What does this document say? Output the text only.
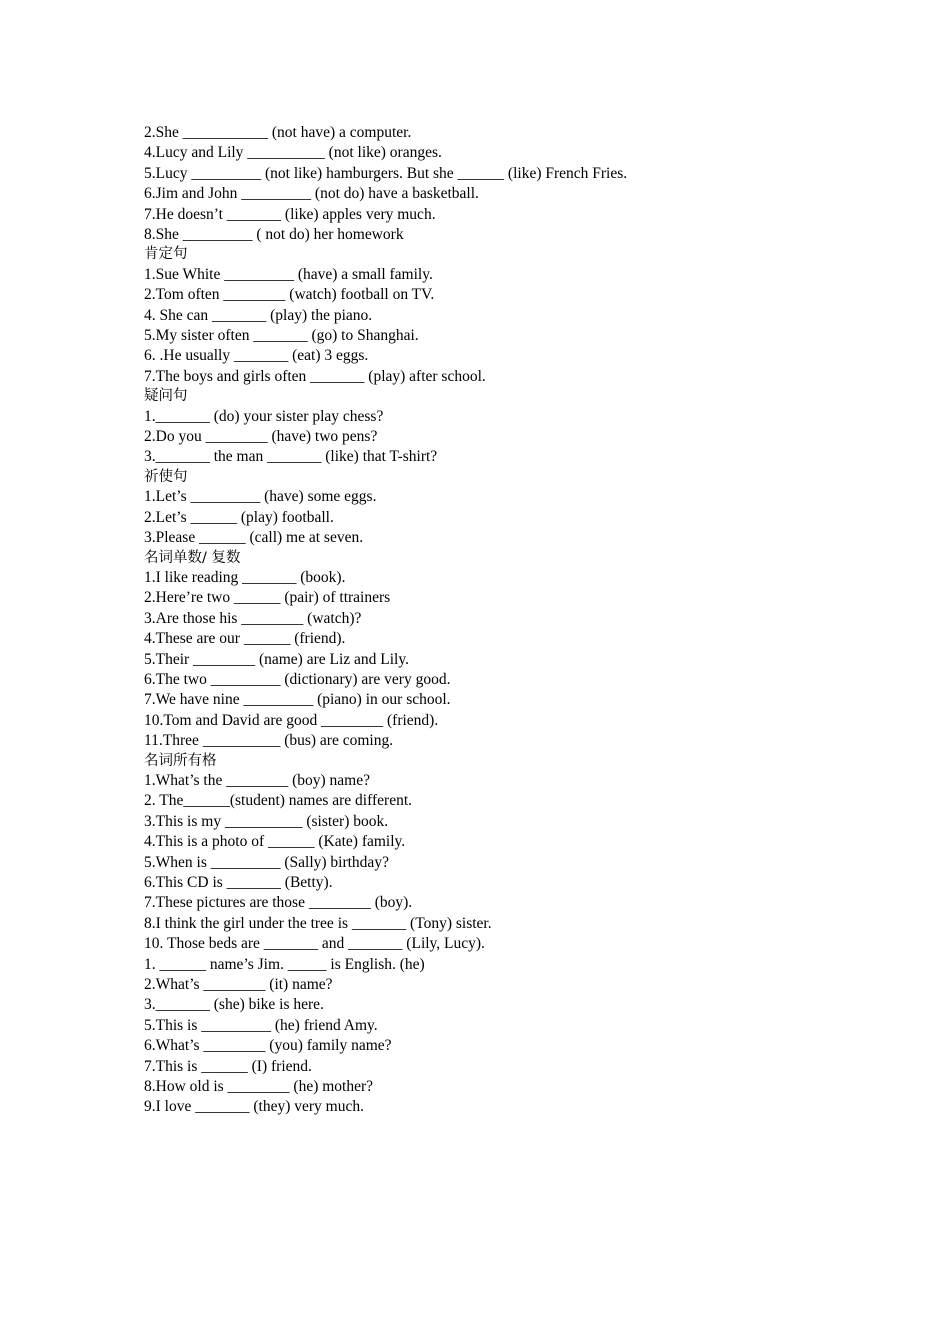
2.She ___________ (not have) a computer.
4.Lucy and Lily __________ (not like) oranges.
5.Lucy _________ (not like) hamburgers. But she ______ (like) French Fries.
6.Jim and John _________ (not do) have a basketball.
7.He doesn’t _______ (like) apples very much.
8.She _________ ( not do) her homework
肯定句
1.Sue White _________ (have) a small family.
2.Tom often ________ (watch) football on TV.
4. She can _______ (play) the piano.
5.My sister often _______ (go) to Shanghai.
6. .He usually _______ (eat) 3 eggs.
7.The boys and girls often _______ (play) after school.
疑问句
1._______ (do) your sister play chess?
2.Do you ________ (have) two pens?
3._______ the man _______ (like) that T-shirt?
祈使句
1.Let’s _________ (have) some eggs.
2.Let’s ______ (play) football.
3.Please ______ (call) me at seven.
名词单数/ 复数
1.I like reading _______ (book).
2.Here’re two ______ (pair) of ttrainers
3.Are those his ________ (watch)?
4.These are our ______ (friend).
5.Their ________ (name) are Liz and Lily.
6.The two _________ (dictionary) are very good.
7.We have nine _________ (piano) in our school.
10.Tom and David are good ________ (friend).
11.Three __________ (bus) are coming.
名词所有格
1.What’s the ________ (boy) name?
2. The______(student) names are different.
3.This is my __________ (sister) book.
4.This is a photo of ______ (Kate) family.
5.When is _________ (Sally) birthday?
6.This CD is _______ (Betty).
7.These pictures are those ________ (boy).
8.I think the girl under the tree is _______ (Tony) sister.
10. Those beds are _______ and _______ (Lily, Lucy).
1. ______ name’s Jim. _____ is English. (he)
2.What’s ________ (it) name?
3._______ (she) bike is here.
5.This is _________ (he) friend Amy.
6.What’s ________ (you) family name?
7.This is ______ (I) friend.
8.How old is ________ (he) mother?
9.I love _______ (they) very much.
